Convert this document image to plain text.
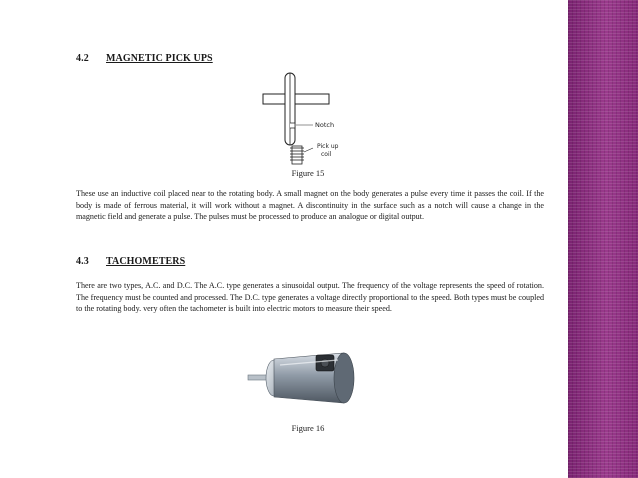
4.2 MAGNETIC PICK UPS
Notch
Pick up
coil
Figure 15

These use an inductive coil placed near to the rotating body. A small magnet on the body generates a pulse every time it passes the coil. If the body is made of ferrous material, it will work without a magnet. A discontinuity in the surface such as a notch will cause a change in the magnetic field and generate a pulse. The pulses must be processed to produce an analogue or digital output.

4.3 TACHOMETERS

There are two types, A.C. and D.C. The A.C. type generates a sinusoidal output. The frequency of the voltage represents the speed of rotation. The frequency must be counted and processed. The D.C. type generates a voltage directly proportional to the speed. Both types must be coupled to the rotating body. very often the tachometer is built into electric motors to measure their speed.

Figure 16
